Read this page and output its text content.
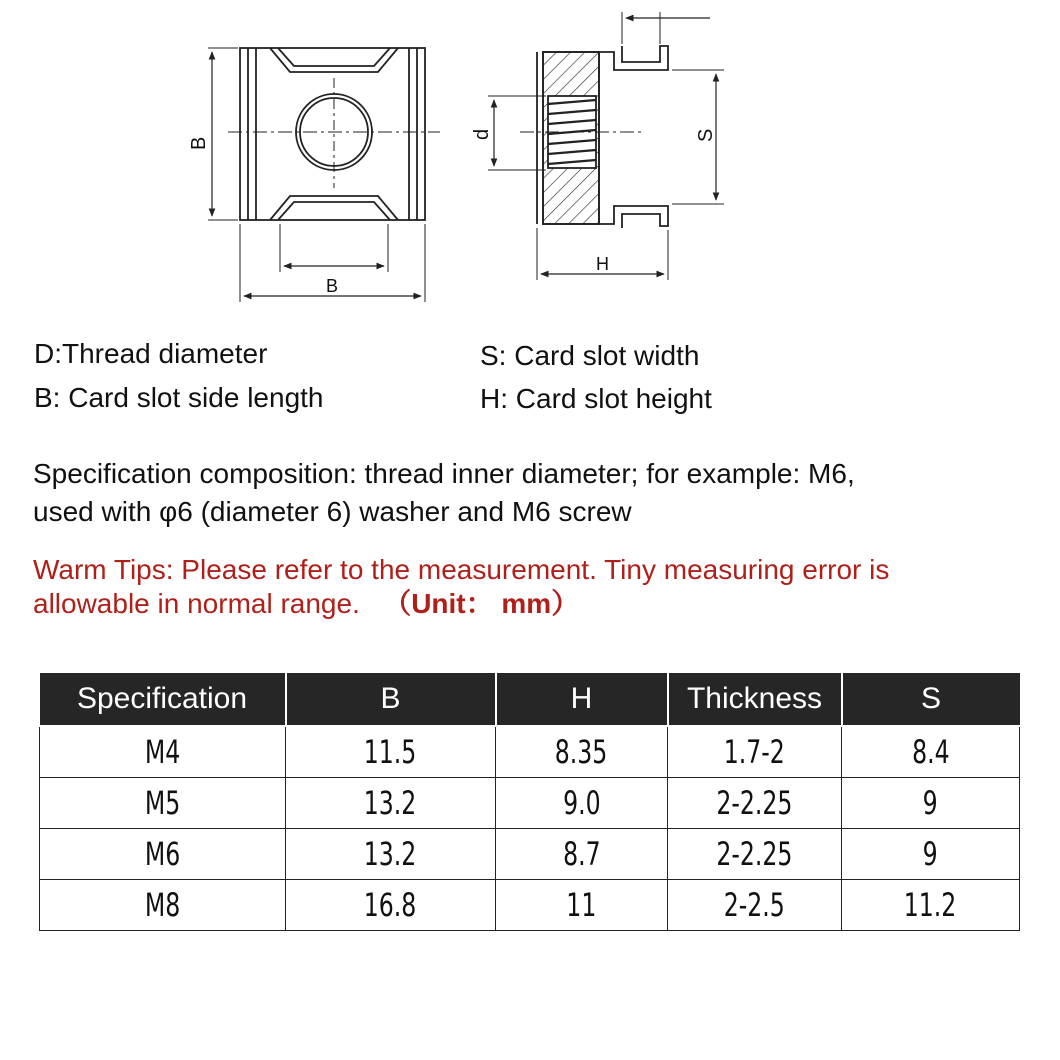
B
B
d	S
H
D:Thread diameter
B: Card slot side length
S: Card slot width
H: Card slot height
Specification composition: thread inner diameter; for example: M6,
used with φ6 (diameter 6) washer and M6 screw
Warm Tips: Please refer to the measurement. Tiny measuring error is
allowable in normal range. （Unit： mm）
Specification	B	H	Thickness	S
M4	11.5	8.35	1.7-2	8.4
M5	13.2	9.0	2-2.25	9
M6	13.2	8.7	2-2.25	9
M8	16.8	11	2-2.5	11.2
